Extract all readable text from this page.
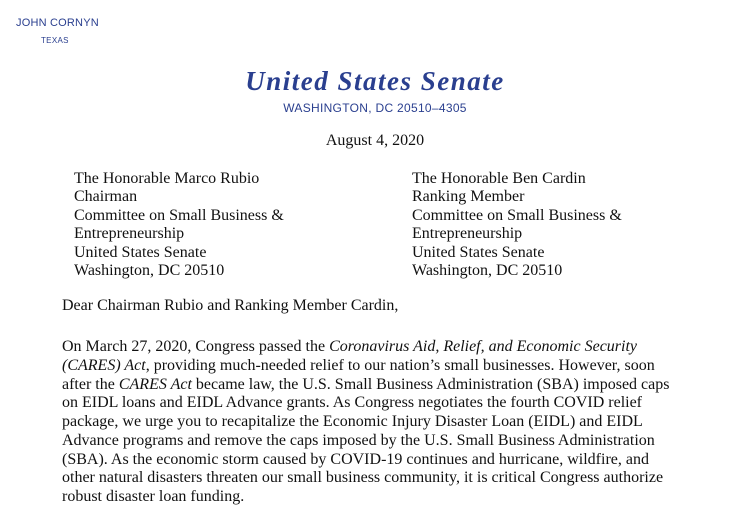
JOHN CORNYN
TEXAS
United States Senate
WASHINGTON, DC 20510–4305
August 4, 2020
The Honorable Marco Rubio
Chairman
Committee on Small Business &
Entrepreneurship
United States Senate
Washington, DC 20510
The Honorable Ben Cardin
Ranking Member
Committee on Small Business &
Entrepreneurship
United States Senate
Washington, DC 20510
Dear Chairman Rubio and Ranking Member Cardin,
On March 27, 2020, Congress passed the Coronavirus Aid, Relief, and Economic Security
(CARES) Act, providing much-needed relief to our nation’s small businesses. However, soon
after the CARES Act became law, the U.S. Small Business Administration (SBA) imposed caps
on EIDL loans and EIDL Advance grants. As Congress negotiates the fourth COVID relief
package, we urge you to recapitalize the Economic Injury Disaster Loan (EIDL) and EIDL
Advance programs and remove the caps imposed by the U.S. Small Business Administration
(SBA). As the economic storm caused by COVID-19 continues and hurricane, wildfire, and
other natural disasters threaten our small business community, it is critical Congress authorize
robust disaster loan funding.
